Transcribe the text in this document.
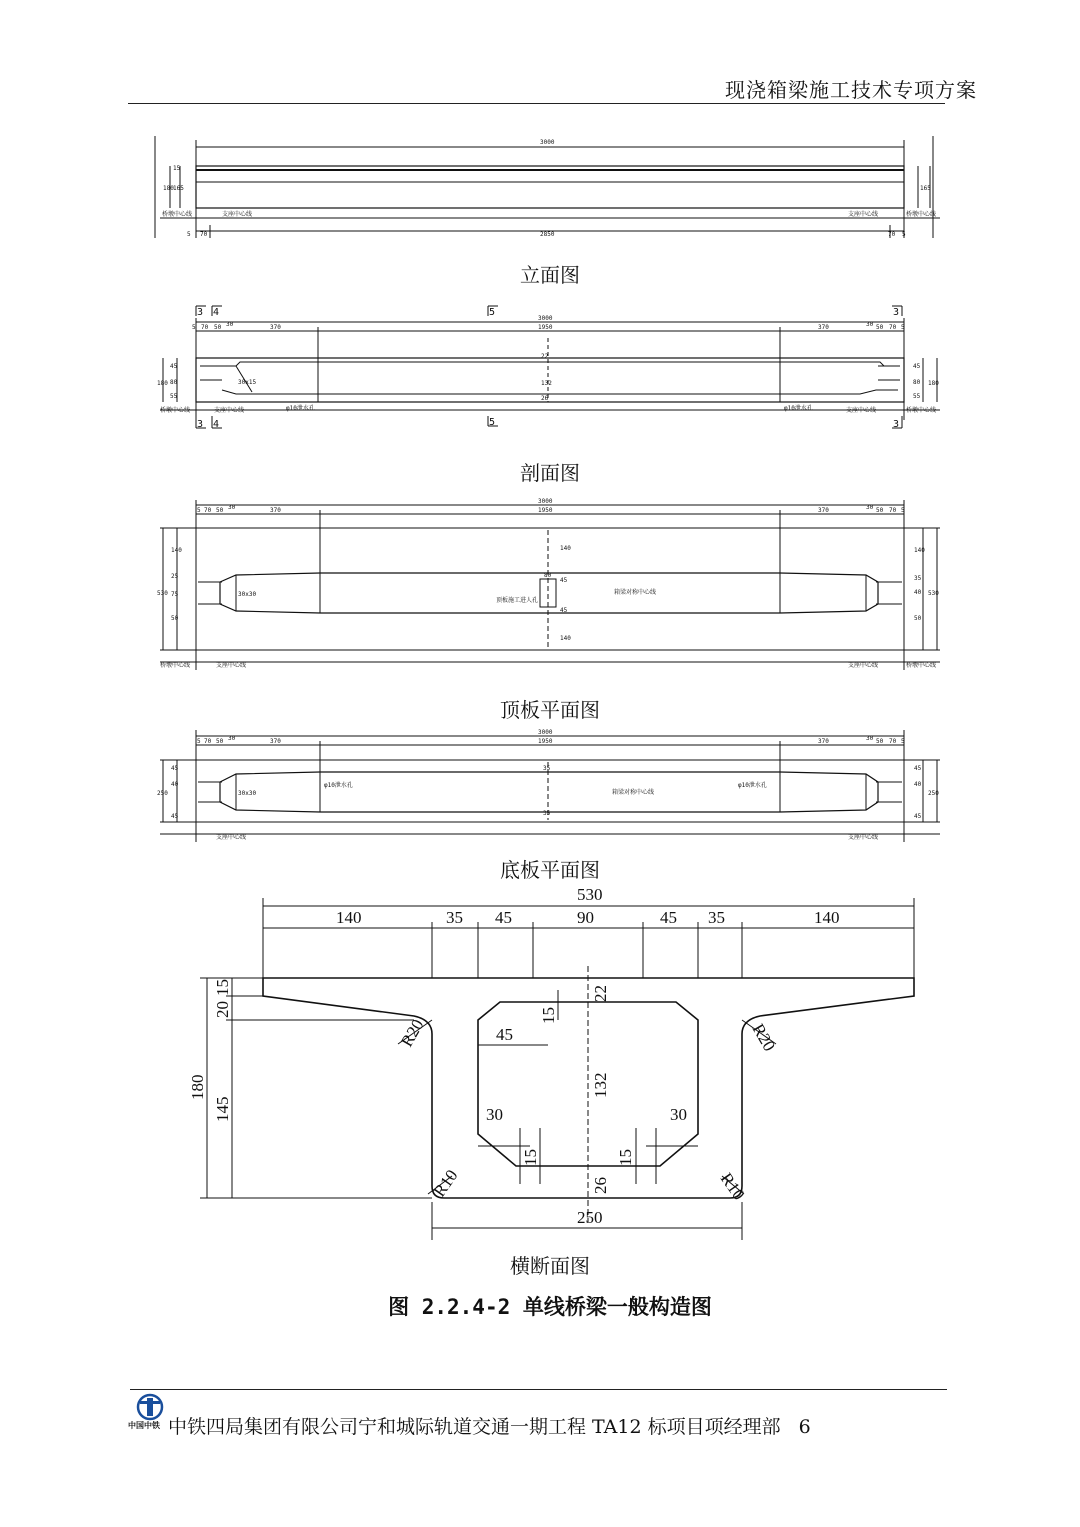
现浇箱梁施工技术专项方案
3000
2850
5 70	70 5
180 165
15
165
桥墩中心线	支座中心线	支座中心线	桥墩中心线
3 4	5
5
3 4
3
3
3000
1950
370	370
5 70 50 30	30 50 70 5
30x15
φ10泄水孔	φ10泄水孔
180
45
80
55
45
80
55
180
22
132
26
桥墩中心线	支座中心线	支座中心线	桥墩中心线
3000
1950
370	370
5 70 50 30	30 50 70 5
530
140
25
75
50
530
140
35
40
50
140
140
80
45
45
30x30
顶板施工进人孔
箱梁对称中心线
桥墩中心线	支座中心线	支座中心线	桥墩中心线
3000
1950
370	370
5 70 50 30	30 50 70 5
250
45
40
45
250
45
40
45
35
35
30x30
φ10泄水孔	φ10泄水孔
箱梁对称中心线
支座中心线	支座中心线
530
140	35 45	90	45 35	140
180
145
20
15	22
15
132
26
15	15
45
30	30
250
R20	R20
R10	R10
立面图
剖面图
顶板平面图
底板平面图
横断面图
图 2.2.4-2 单线桥梁一般构造图
中国中铁 中铁四局集团有限公司宁和城际轨道交通一期工程 TA12 标项目项经理部 6
